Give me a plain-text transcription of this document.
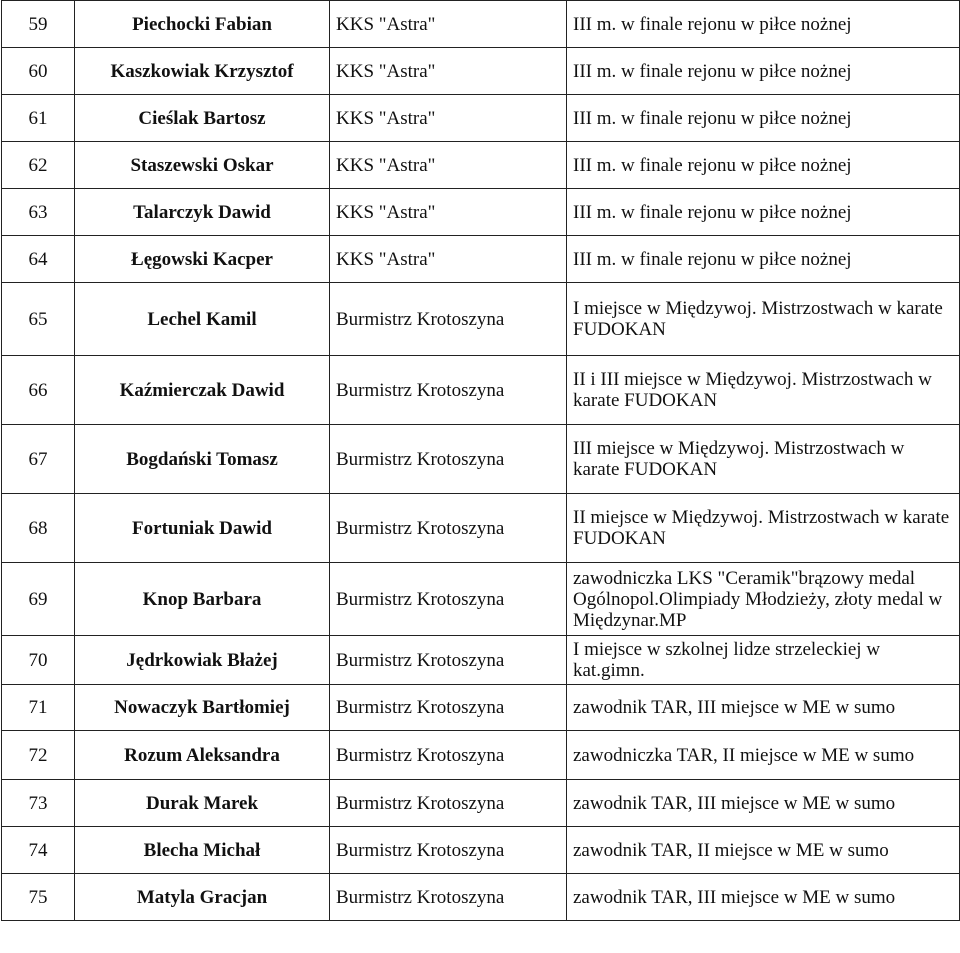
59	Piechocki Fabian	KKS "Astra"	III m. w finale rejonu w piłce nożnej
60	Kaszkowiak Krzysztof	KKS "Astra"	III m. w finale rejonu w piłce nożnej
61	Cieślak Bartosz	KKS "Astra"	III m. w finale rejonu w piłce nożnej
62	Staszewski Oskar	KKS "Astra"	III m. w finale rejonu w piłce nożnej
63	Talarczyk Dawid	KKS "Astra"	III m. w finale rejonu w piłce nożnej
64	Łęgowski Kacper	KKS "Astra"	III m. w finale rejonu w piłce nożnej
65	Lechel Kamil	Burmistrz Krotoszyna	I miejsce w Międzywoj. Mistrzostwach w karate FUDOKAN
66	Kaźmierczak Dawid	Burmistrz Krotoszyna	II i III miejsce w Międzywoj. Mistrzostwach w karate FUDOKAN
67	Bogdański Tomasz	Burmistrz Krotoszyna	III miejsce w Międzywoj. Mistrzostwach w karate FUDOKAN
68	Fortuniak Dawid	Burmistrz Krotoszyna	II miejsce w Międzywoj. Mistrzostwach w karate FUDOKAN
69	Knop Barbara	Burmistrz Krotoszyna	zawodniczka LKS "Ceramik"brązowy medal Ogólnopol.Olimpiady Młodzieży, złoty medal w Międzynar.MP
70	Jędrkowiak Błażej	Burmistrz Krotoszyna	I miejsce w szkolnej lidze strzeleckiej w kat.gimn.
71	Nowaczyk Bartłomiej	Burmistrz Krotoszyna	zawodnik TAR, III miejsce w ME w sumo
72	Rozum Aleksandra	Burmistrz Krotoszyna	zawodniczka TAR, II miejsce w ME w sumo
73	Durak Marek	Burmistrz Krotoszyna	zawodnik TAR, III miejsce w ME w sumo
74	Blecha Michał	Burmistrz Krotoszyna	zawodnik TAR, II miejsce w ME w sumo
75	Matyla Gracjan	Burmistrz Krotoszyna	zawodnik TAR, III miejsce w ME w sumo
